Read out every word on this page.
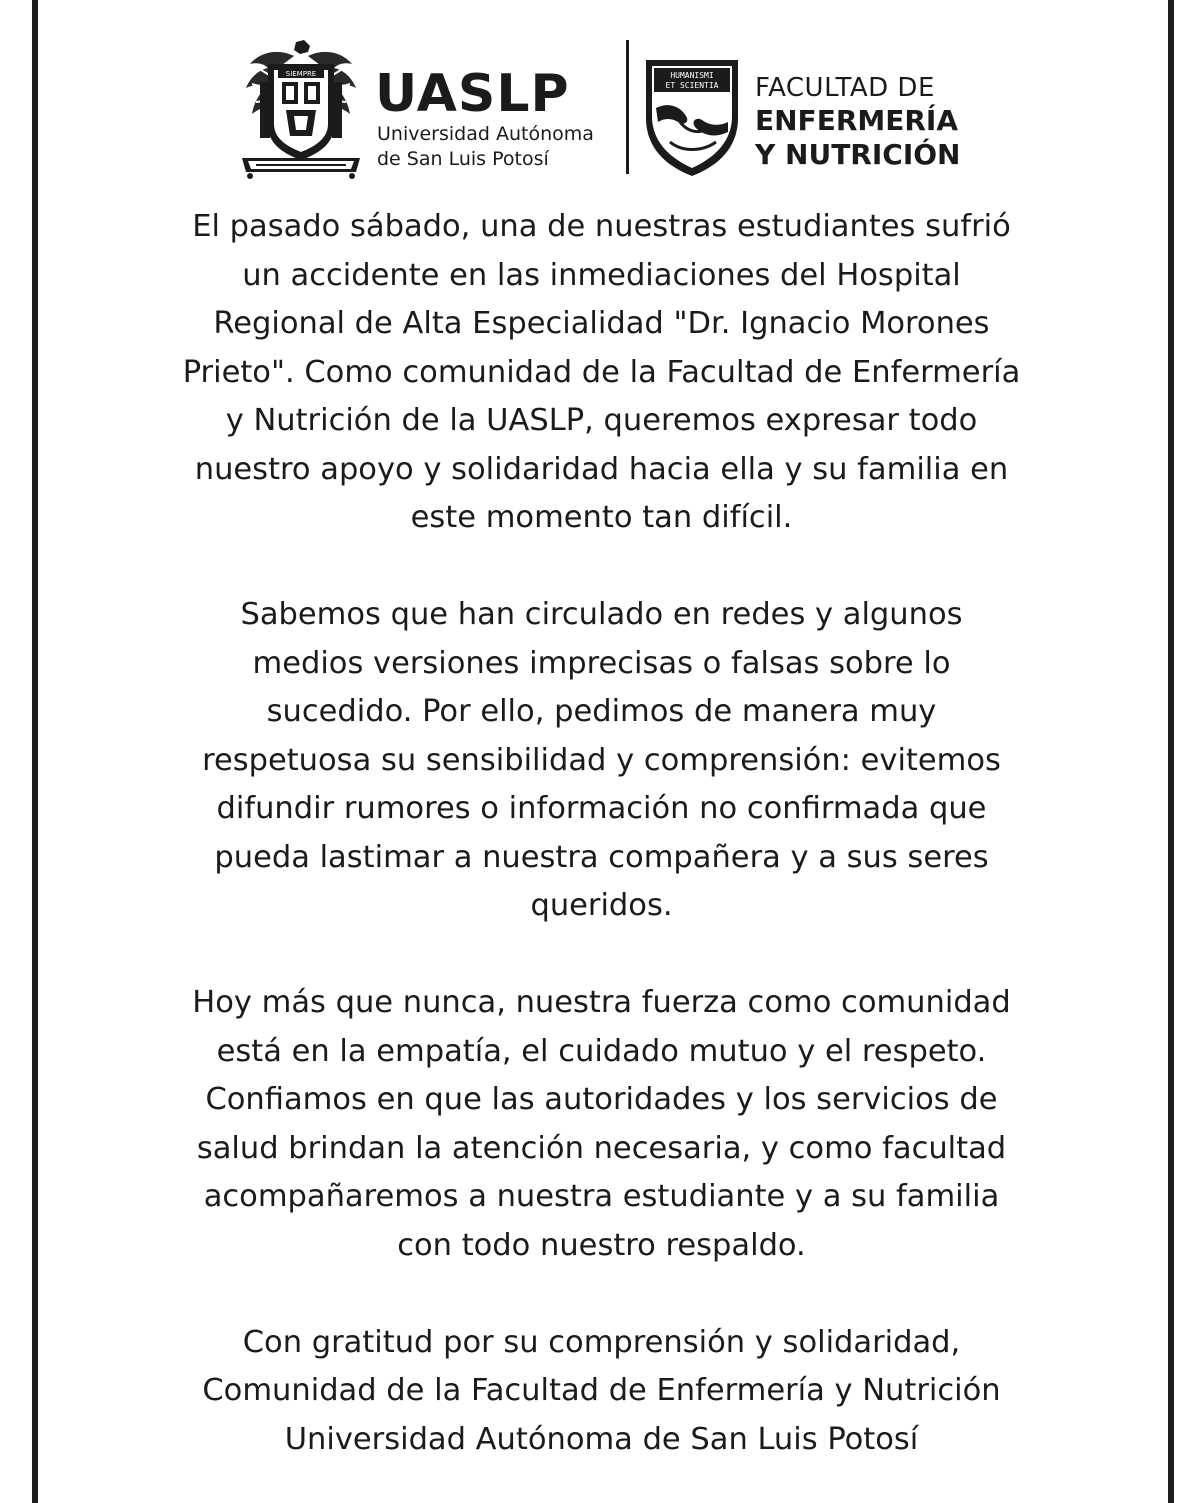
SIEMPRE UASLP
Universidad Autónoma
de San Luis Potosí
HUMANISMI
ET SCIENTIA FACULTAD DE
ENFERMERÍA
Y NUTRICIÓN

El pasado sábado, una de nuestras estudiantes sufrió

un accidente en las inmediaciones del Hospital

Regional de Alta Especialidad "Dr. Ignacio Morones

Prieto". Como comunidad de la Facultad de Enfermería

y Nutrición de la UASLP, queremos expresar todo

nuestro apoyo y solidaridad hacia ella y su familia en

este momento tan difícil.

Sabemos que han circulado en redes y algunos

medios versiones imprecisas o falsas sobre lo

sucedido. Por ello, pedimos de manera muy

respetuosa su sensibilidad y comprensión: evitemos

difundir rumores o información no confirmada que

pueda lastimar a nuestra compañera y a sus seres

queridos.

Hoy más que nunca, nuestra fuerza como comunidad

está en la empatía, el cuidado mutuo y el respeto.

Confiamos en que las autoridades y los servicios de

salud brindan la atención necesaria, y como facultad

acompañaremos a nuestra estudiante y a su familia

con todo nuestro respaldo.

Con gratitud por su comprensión y solidaridad,

Comunidad de la Facultad de Enfermería y Nutrición

Universidad Autónoma de San Luis Potosí
